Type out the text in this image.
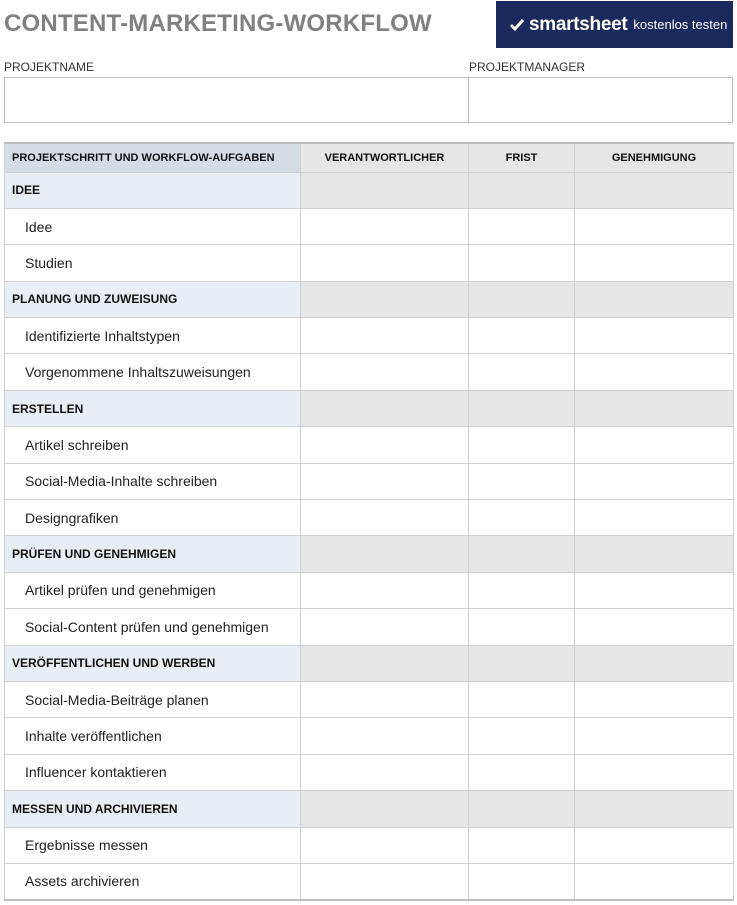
CONTENT-MARKETING-WORKFLOW	smartsheet kostenlos testen
PROJEKTNAME	PROJEKTMANAGER
PROJEKTSCHRITT UND WORKFLOW-AUFGABEN	VERANTWORTLICHER	FRIST	GENEHMIGUNG
IDEE			
Idee			
Studien			
PLANUNG UND ZUWEISUNG			
Identifizierte Inhaltstypen			
Vorgenommene Inhaltszuweisungen			
ERSTELLEN			
Artikel schreiben			
Social-Media-Inhalte schreiben			
Designgrafiken			
PRÜFEN UND GENEHMIGEN			
Artikel prüfen und genehmigen			
Social-Content prüfen und genehmigen			
VERÖFFENTLICHEN UND WERBEN			
Social-Media-Beiträge planen			
Inhalte veröffentlichen			
Influencer kontaktieren			
MESSEN UND ARCHIVIEREN			
Ergebnisse messen			
Assets archivieren			
